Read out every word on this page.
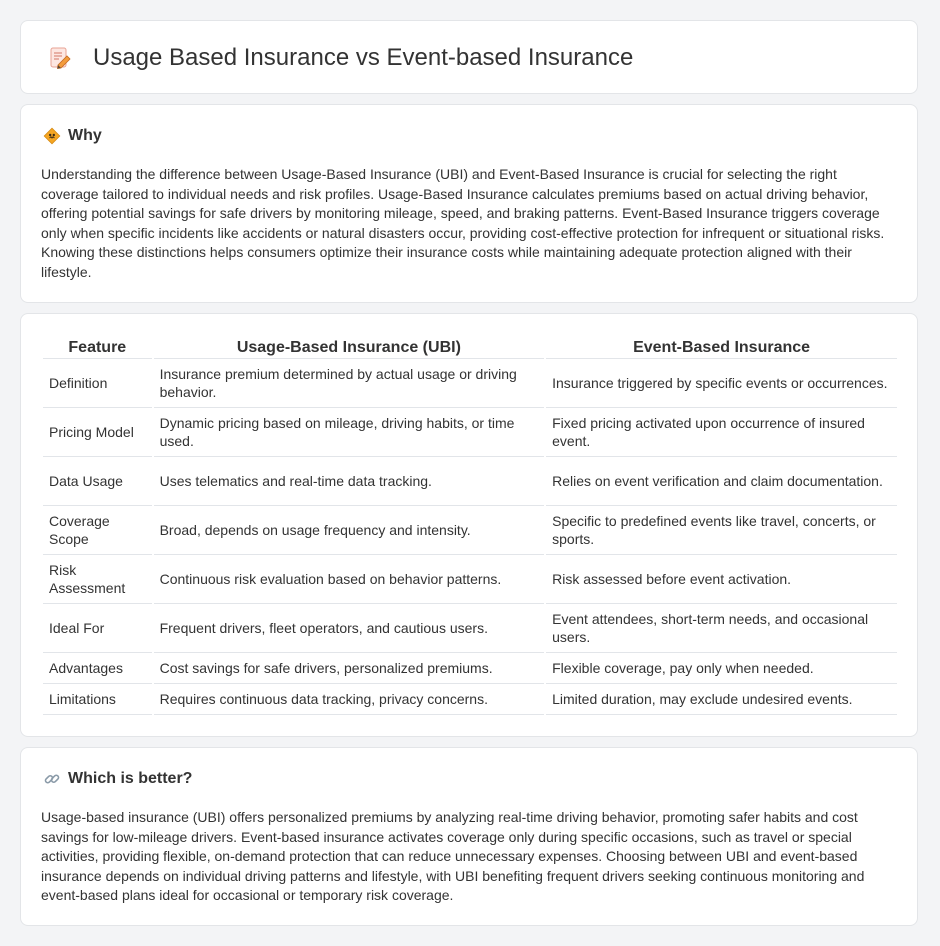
Usage Based Insurance vs Event-based Insurance
Why

Understanding the difference between Usage-Based Insurance (UBI) and Event-Based Insurance is crucial for selecting the right coverage tailored to individual needs and risk profiles. Usage-Based Insurance calculates premiums based on actual driving behavior, offering potential savings for safe drivers by monitoring mileage, speed, and braking patterns. Event-Based Insurance triggers coverage only when specific incidents like accidents or natural disasters occur, providing cost-effective protection for infrequent or situational risks. Knowing these distinctions helps consumers optimize their insurance costs while maintaining adequate protection aligned with their lifestyle.

Feature	Usage-Based Insurance (UBI)	Event-Based Insurance
Definition	Insurance premium determined by actual usage or driving behavior.	Insurance triggered by specific events or occurrences.
Pricing Model	Dynamic pricing based on mileage, driving habits, or time used.	Fixed pricing activated upon occurrence of insured event.
Data Usage	Uses telematics and real-time data tracking.	Relies on event verification and claim documentation.
Coverage Scope	Broad, depends on usage frequency and intensity.	Specific to predefined events like travel, concerts, or sports.
Risk Assessment	Continuous risk evaluation based on behavior patterns.	Risk assessed before event activation.
Ideal For	Frequent drivers, fleet operators, and cautious users.	Event attendees, short-term needs, and occasional users.
Advantages	Cost savings for safe drivers, personalized premiums.	Flexible coverage, pay only when needed.
Limitations	Requires continuous data tracking, privacy concerns.	Limited duration, may exclude undesired events.
Which is better?

Usage-based insurance (UBI) offers personalized premiums by analyzing real-time driving behavior, promoting safer habits and cost savings for low-mileage drivers. Event-based insurance activates coverage only during specific occasions, such as travel or special activities, providing flexible, on-demand protection that can reduce unnecessary expenses. Choosing between UBI and event-based insurance depends on individual driving patterns and lifestyle, with UBI benefiting frequent drivers seeking continuous monitoring and event-based plans ideal for occasional or temporary risk coverage.
